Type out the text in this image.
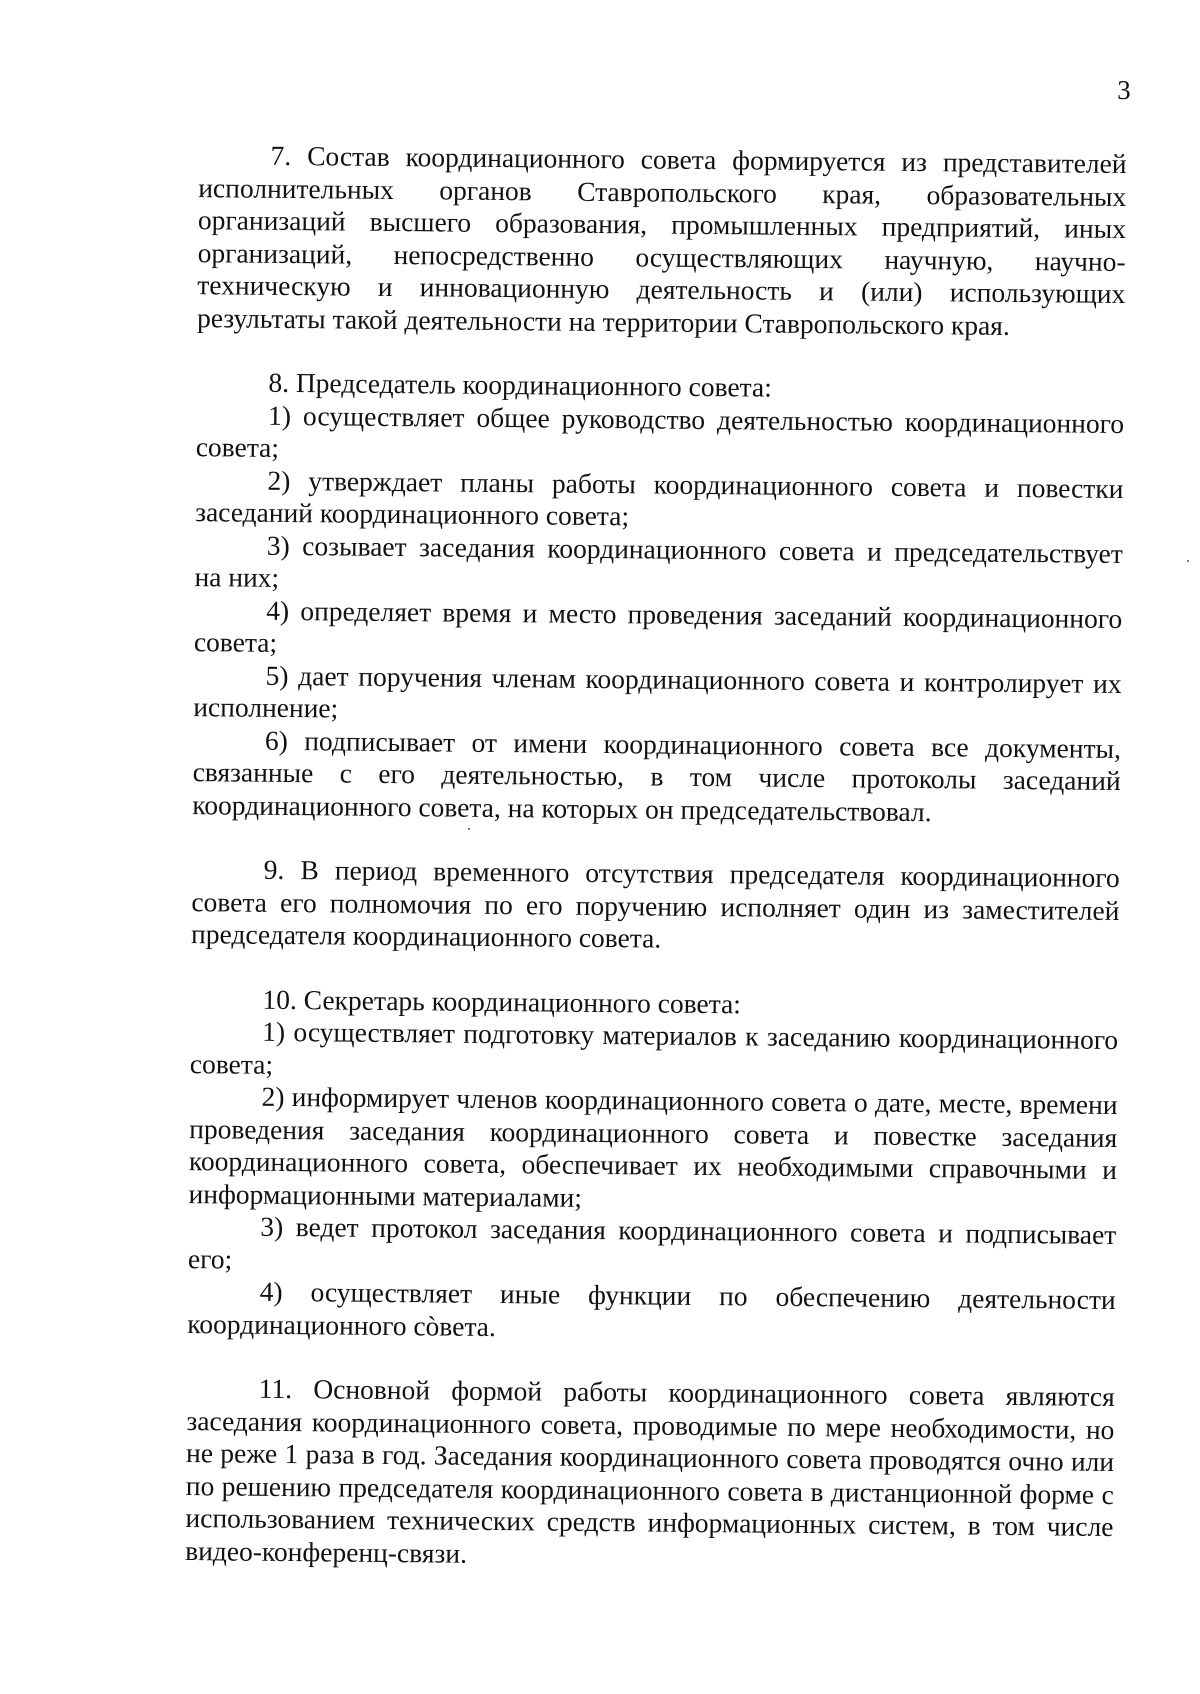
3

7. Состав координационного совета формируется из представителей исполнительных органов Ставропольского края, образовательных организаций высшего образования, промышленных предприятий, иных организаций, непосредственно осуществляющих научную, научно-техническую и инновационную деятельность и (или) использующих результаты такой деятельности на территории Ставропольского края.

8. Председатель координационного совета:

1) осуществляет общее руководство деятельностью координационного совета;

2) утверждает планы работы координационного совета и повестки заседаний координационного совета;

3) созывает заседания координационного совета и председательствует на них;

4) определяет время и место проведения заседаний координационного совета;

5) дает поручения членам координационного совета и контролирует их исполнение;

6) подписывает от имени координационного совета все документы, связанные с его деятельностью, в том числе протоколы заседаний координационного совета, на которых он председательствовал.

9. В период временного отсутствия председателя координационного совета его полномочия по его поручению исполняет один из заместителей председателя координационного совета.

10. Секретарь координационного совета:

1) осуществляет подготовку материалов к заседанию координационного совета;

2) информирует членов координационного совета о дате, месте, времени проведения заседания координационного совета и повестке заседания координационного совета, обеспечивает их необходимыми справочными и информационными материалами;

3) ведет протокол заседания координационного совета и подписывает его;

4) осуществляет иные функции по обеспечению деятельности координационного сòвета.

11. Основной формой работы координационного совета являются заседания координационного совета, проводимые по мере необходимости, но не реже 1 раза в год. Заседания координационного совета проводятся очно или по решению председателя координационного совета в дистанционной форме с использованием технических средств информационных систем, в том числе видео-конференц-связи.
